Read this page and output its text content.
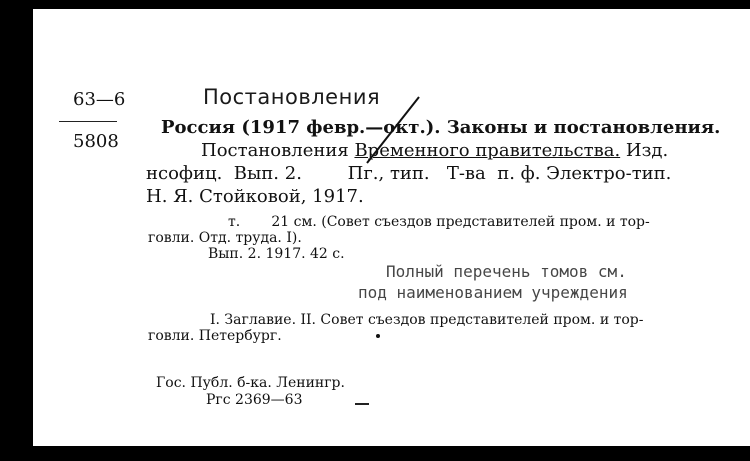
63—6
5808
Постановления
Россия (1917 февр.—окт.). Законы и постановления.
Постановления Временного правительства. Изд.
нсофиц.  Вып. 2.        Пг., тип.   Т-ва  п. ф. Электро-тип.
Н. Я. Стойковой, 1917.
т.       21 см. (Совет съездов представителей пром. и тор-
говли. Отд. труда. I).
Вып. 2. 1917. 42 с.
Полный перечень томов см.
под наименованием учреждения
I. Заглавие. II. Совет съездов представителей пром. и тор-
говли. Петербург.
Гос. Публ. б-ка. Ленингр.
Ргс 2369—63
